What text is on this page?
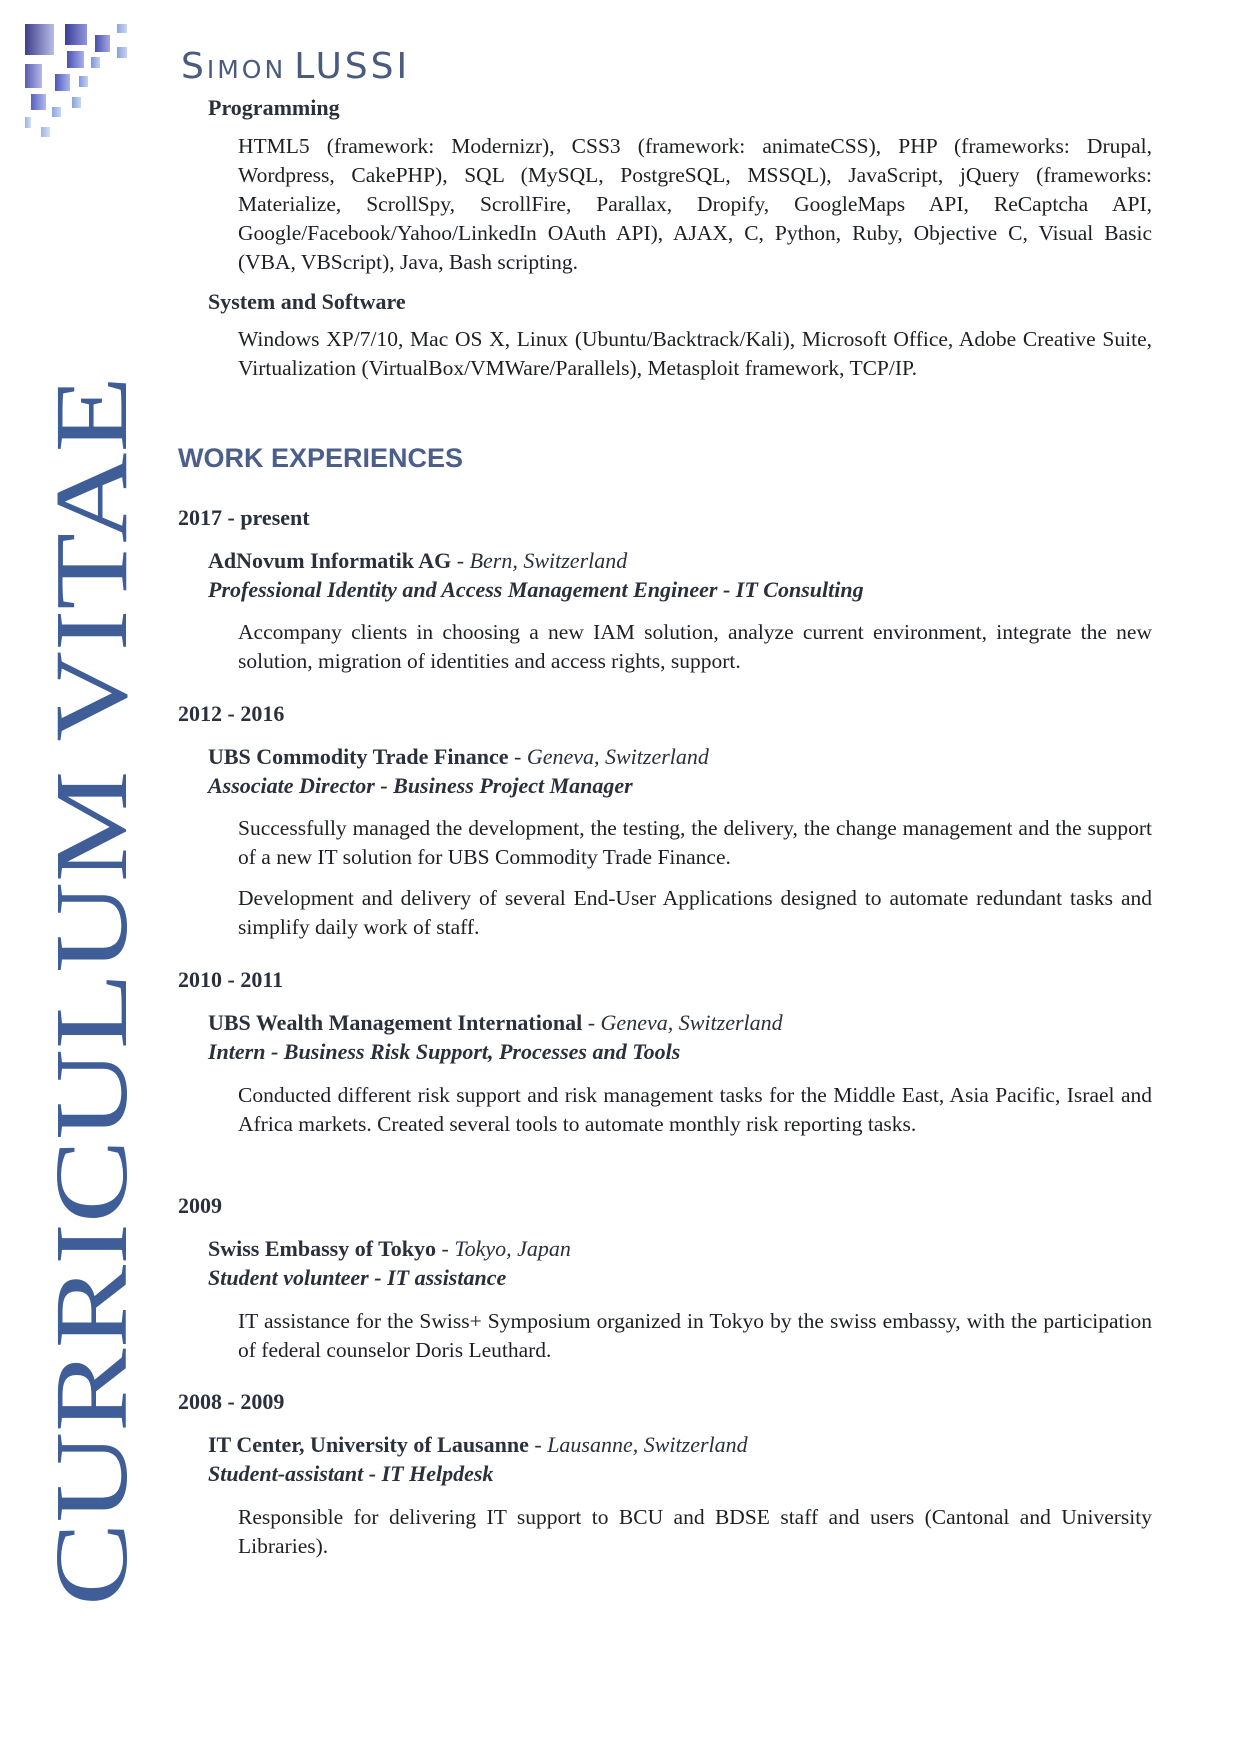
CURRICULUM VITAE
Simon LUSSI
Programming
HTML5 (framework: Modernizr), CSS3 (framework: animateCSS), PHP (frameworks: Drupal, Wordpress, CakePHP), SQL (MySQL, PostgreSQL, MSSQL), JavaScript, jQuery (frameworks: Materialize, ScrollSpy, ScrollFire, Parallax, Dropify, GoogleMaps API, ReCaptcha API, Google/Facebook/Yahoo/LinkedIn OAuth API), AJAX, C, Python, Ruby, Objective C, Visual Basic (VBA, VBScript), Java, Bash scripting.
System and Software
Windows XP/7/10, Mac OS X, Linux (Ubuntu/Backtrack/Kali), Microsoft Office, Adobe Creative Suite, Virtualization (VirtualBox/VMWare/Parallels), Metasploit framework, TCP/IP.
WORK EXPERIENCES
2017 - present
AdNovum Informatik AG - Bern, Switzerland
Professional Identity and Access Management Engineer - IT Consulting
Accompany clients in choosing a new IAM solution, analyze current environment, integrate the new solution, migration of identities and access rights, support.
2012 - 2016
UBS Commodity Trade Finance - Geneva, Switzerland
Associate Director - Business Project Manager
Successfully managed the development, the testing, the delivery, the change management and the support of a new IT solution for UBS Commodity Trade Finance.
Development and delivery of several End-User Applications designed to automate redundant tasks and simplify daily work of staff.
2010 - 2011
UBS Wealth Management International - Geneva, Switzerland
Intern - Business Risk Support, Processes and Tools
Conducted different risk support and risk management tasks for the Middle East, Asia Pacific, Israel and Africa markets. Created several tools to automate monthly risk reporting tasks.
2009
Swiss Embassy of Tokyo - Tokyo, Japan
Student volunteer - IT assistance
IT assistance for the Swiss+ Symposium organized in Tokyo by the swiss embassy, with the participation of federal counselor Doris Leuthard.
2008 - 2009
IT Center, University of Lausanne - Lausanne, Switzerland
Student-assistant - IT Helpdesk
Responsible for delivering IT support to BCU and BDSE staff and users (Cantonal and University Libraries).
